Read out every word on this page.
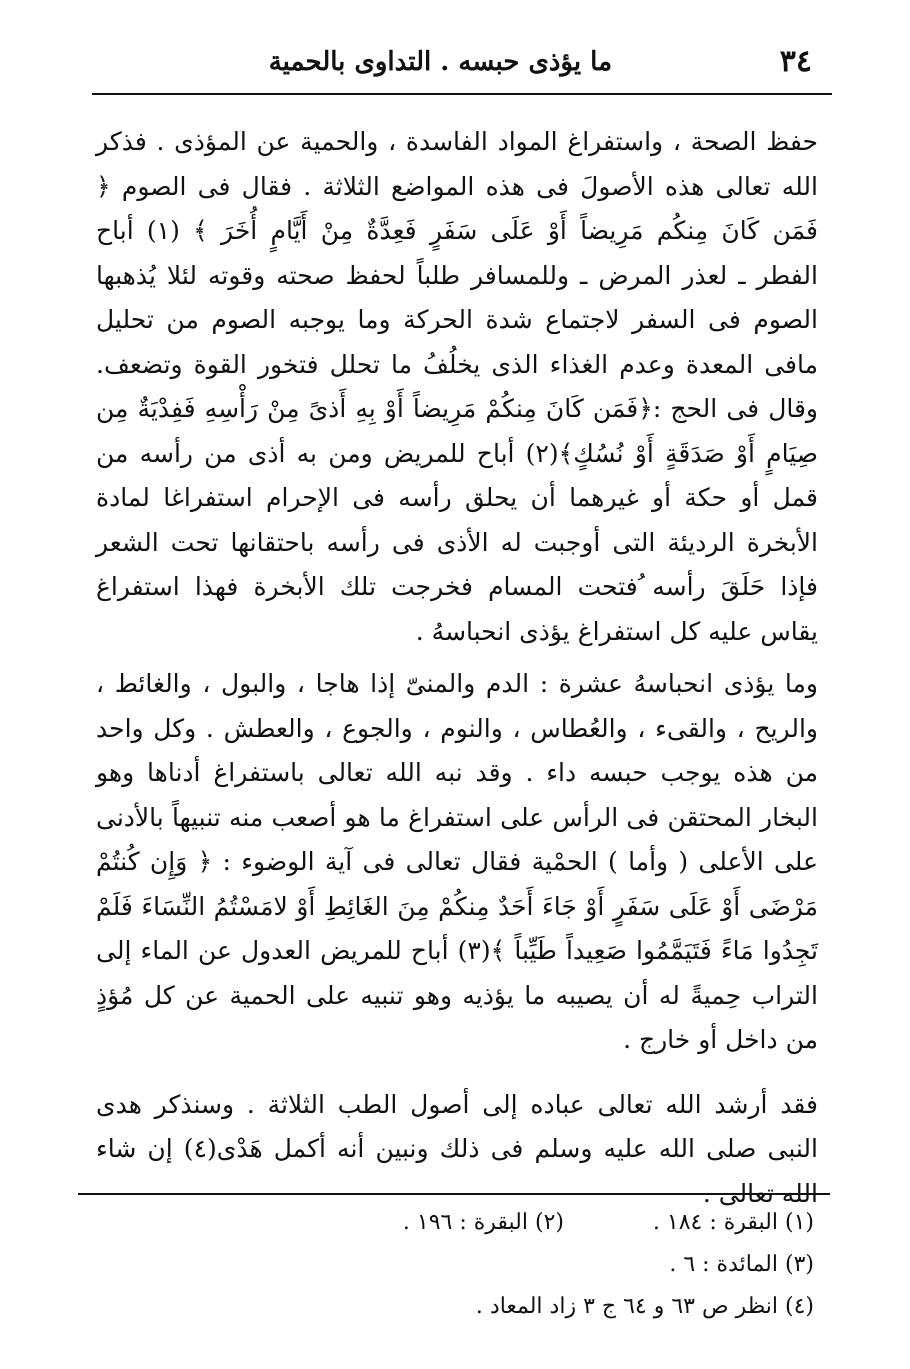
٣٤
ما يؤذى حبسه . التداوى بالحمية

حفظ الصحة ، واستفراغ المواد الفاسدة ، والحمية عن المؤذى . فذكر الله تعالى هذه الأصولَ فى هذه المواضع الثلاثة . فقال فى الصوم ﴿ فَمَن كَانَ مِنكُم مَرِيضاً أَوْ عَلَى سَفَرٍ فَعِدَّةٌ مِنْ أَيَّامٍ أُخَرَ ﴾ (١) أباح الفطر ـ لعذر المرض ـ وللمسافر طلباً لحفظ صحته وقوته لئلا يُذهبها الصوم فى السفر لاجتماع شدة الحركة وما يوجبه الصوم من تحليل مافى المعدة وعدم الغذاء الذى يخلُفُ ما تحلل فتخور القوة وتضعف. وقال فى الحج :﴿فَمَن كَانَ مِنكُمْ مَرِيضاً أَوْ بِهِ أَذىً مِنْ رَأْسِهِ فَفِدْيَةٌ مِن صِيَامٍ أَوْ صَدَقَةٍ أَوْ نُسُكٍ﴾(٢) أباح للمريض ومن به أذى من رأسه من قمل أو حكة أو غيرهما أن يحلق رأسه فى الإحرام استفراغا لمادة الأبخرة الرديئة التى أوجبت له الأذى فى رأسه باحتقانها تحت الشعر فإذا حَلَقَ رأسه ُفتحت المسام فخرجت تلك الأبخرة فهذا استفراغ يقاس عليه كل استفراغ يؤذى انحباسهُ .

وما يؤذى انحباسهُ عشرة : الدم والمنىّ إذا هاجا ، والبول ، والغائط ، والريح ، والقىء ، والعُطاس ، والنوم ، والجوع ، والعطش . وكل واحد من هذه يوجب حبسه داء . وقد نبه الله تعالى باستفراغ أدناها وهو البخار المحتقن فى الرأس على استفراغ ما هو أصعب منه تنبيهاً بالأدنى على الأعلى ( وأما ) الحمْية فقال تعالى فى آية الوضوء : ﴿ وَإِن كُنتُمْ مَرْضَى أَوْ عَلَى سَفَرٍ أَوْ جَاءَ أَحَدٌ مِنكُمْ مِنَ الغَائِطِ أَوْ لامَسْتُمُ النِّسَاءَ فَلَمْ تَجِدُوا مَاءً فَتَيَمَّمُوا صَعِيداً طَيِّباً ﴾(٣) أباح للمريض العدول عن الماء إلى التراب حِميةً له أن يصيبه ما يؤذيه وهو تنبيه على الحمية عن كل مُؤذٍ من داخل أو خارج .

فقد أرشد الله تعالى عباده إلى أصول الطب الثلاثة . وسنذكر هدى النبى صلى الله عليه وسلم فى ذلك ونبين أنه أكمل هَدْى(٤) إن شاء الله تعالى .

(١) البقرة : ١٨٤ .
(٢) البقرة : ١٩٦ .
(٣) المائدة : ٦ .
(٤) انظر ص ٦٣ و ٦٤ ج ٣ زاد المعاد .
